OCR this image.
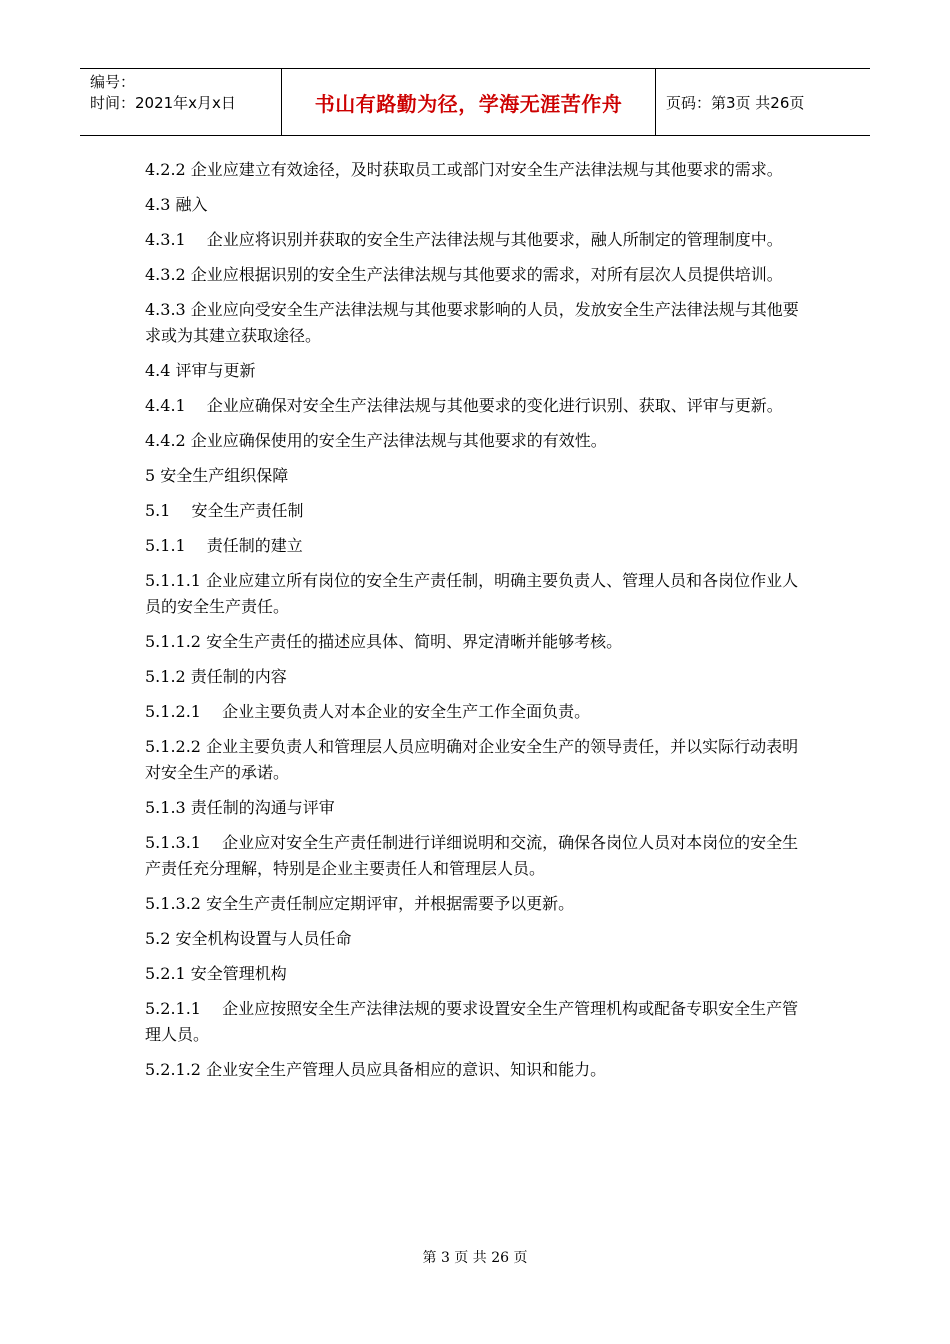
编号：
时间：2021年x月x日	书山有路勤为径，学海无涯苦作舟	页码：第3页 共26页

4.2.2 企业应建立有效途径，及时获取员工或部门对安全生产法律法规与其他要求的需求。

4.3 融入

4.3.1　 企业应将识别并获取的安全生产法律法规与其他要求，融人所制定的管理制度中。

4.3.2 企业应根据识别的安全生产法律法规与其他要求的需求，对所有层次人员提供培训。

4.3.3 企业应向受安全生产法律法规与其他要求影响的人员，发放安全生产法律法规与其他要求或为其建立获取途径。

4.4 评审与更新

4.4.1　 企业应确保对安全生产法律法规与其他要求的变化进行识别、获取、评审与更新。

4.4.2 企业应确保使用的安全生产法律法规与其他要求的有效性。

5 安全生产组织保障

5.1　 安全生产责任制

5.1.1　 责任制的建立

5.1.1.1 企业应建立所有岗位的安全生产责任制，明确主要负责人、管理人员和各岗位作业人员的安全生产责任。

5.1.1.2 安全生产责任的描述应具体、简明、界定清晰并能够考核。

5.1.2 责任制的内容

5.1.2.1　 企业主要负责人对本企业的安全生产工作全面负责。

5.1.2.2 企业主要负责人和管理层人员应明确对企业安全生产的领导责任，并以实际行动表明对安全生产的承诺。

5.1.3 责任制的沟通与评审

5.1.3.1　 企业应对安全生产责任制进行详细说明和交流，确保各岗位人员对本岗位的安全生产责任充分理解，特别是企业主要责任人和管理层人员。

5.1.3.2 安全生产责任制应定期评审，并根据需要予以更新。

5.2 安全机构设置与人员任命

5.2.1 安全管理机构

5.2.1.1　 企业应按照安全生产法律法规的要求设置安全生产管理机构或配备专职安全生产管理人员。

5.2.1.2 企业安全生产管理人员应具备相应的意识、知识和能力。

第 3 页 共 26 页
